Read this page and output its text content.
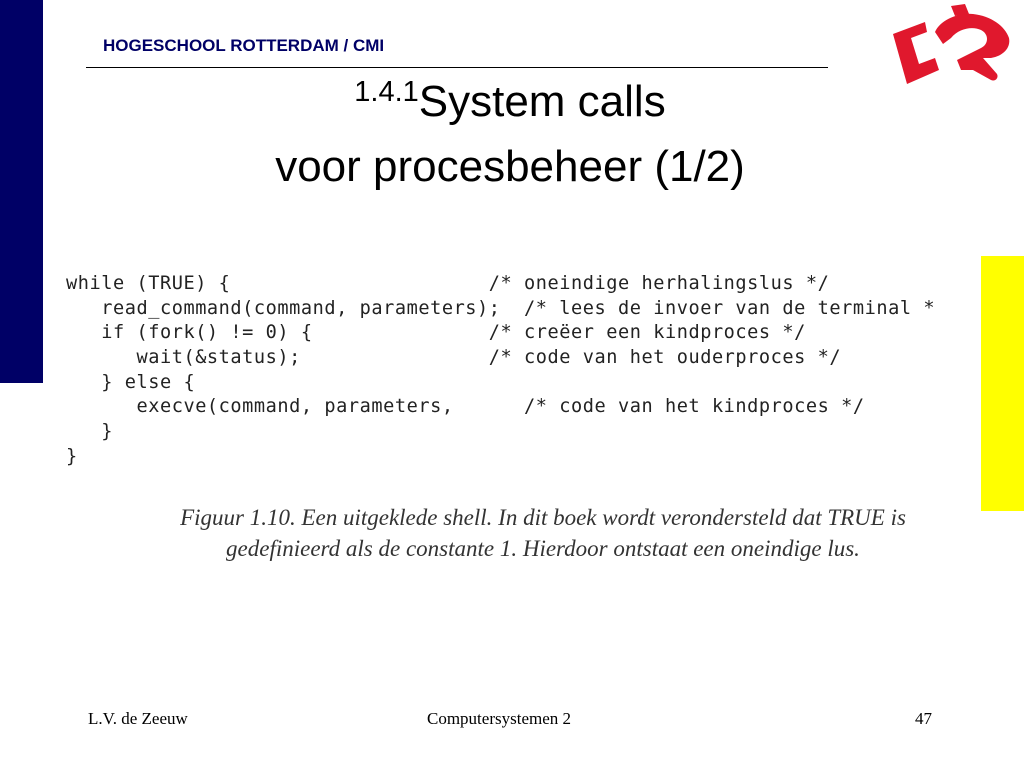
HOGESCHOOL ROTTERDAM / CMI
$^{1.4.1}$System calls
voor procesbeheer (1/2)
while (TRUE) {                      /* oneindige herhalingslus */
read_command(command, parameters);  /* lees de invoer van de terminal *
if (fork() != 0) {               /* creëer een kindproces */
wait(&status);                /* code van het ouderproces */
} else {
execve(command, parameters,      /* code van het kindproces */
}
}
Figuur 1.10. Een uitgeklede shell. In dit boek wordt verondersteld dat TRUE is
gedefinieerd als de constante 1. Hierdoor ontstaat een oneindige lus.
L.V. de Zeeuw	Computersystemen 2	47
